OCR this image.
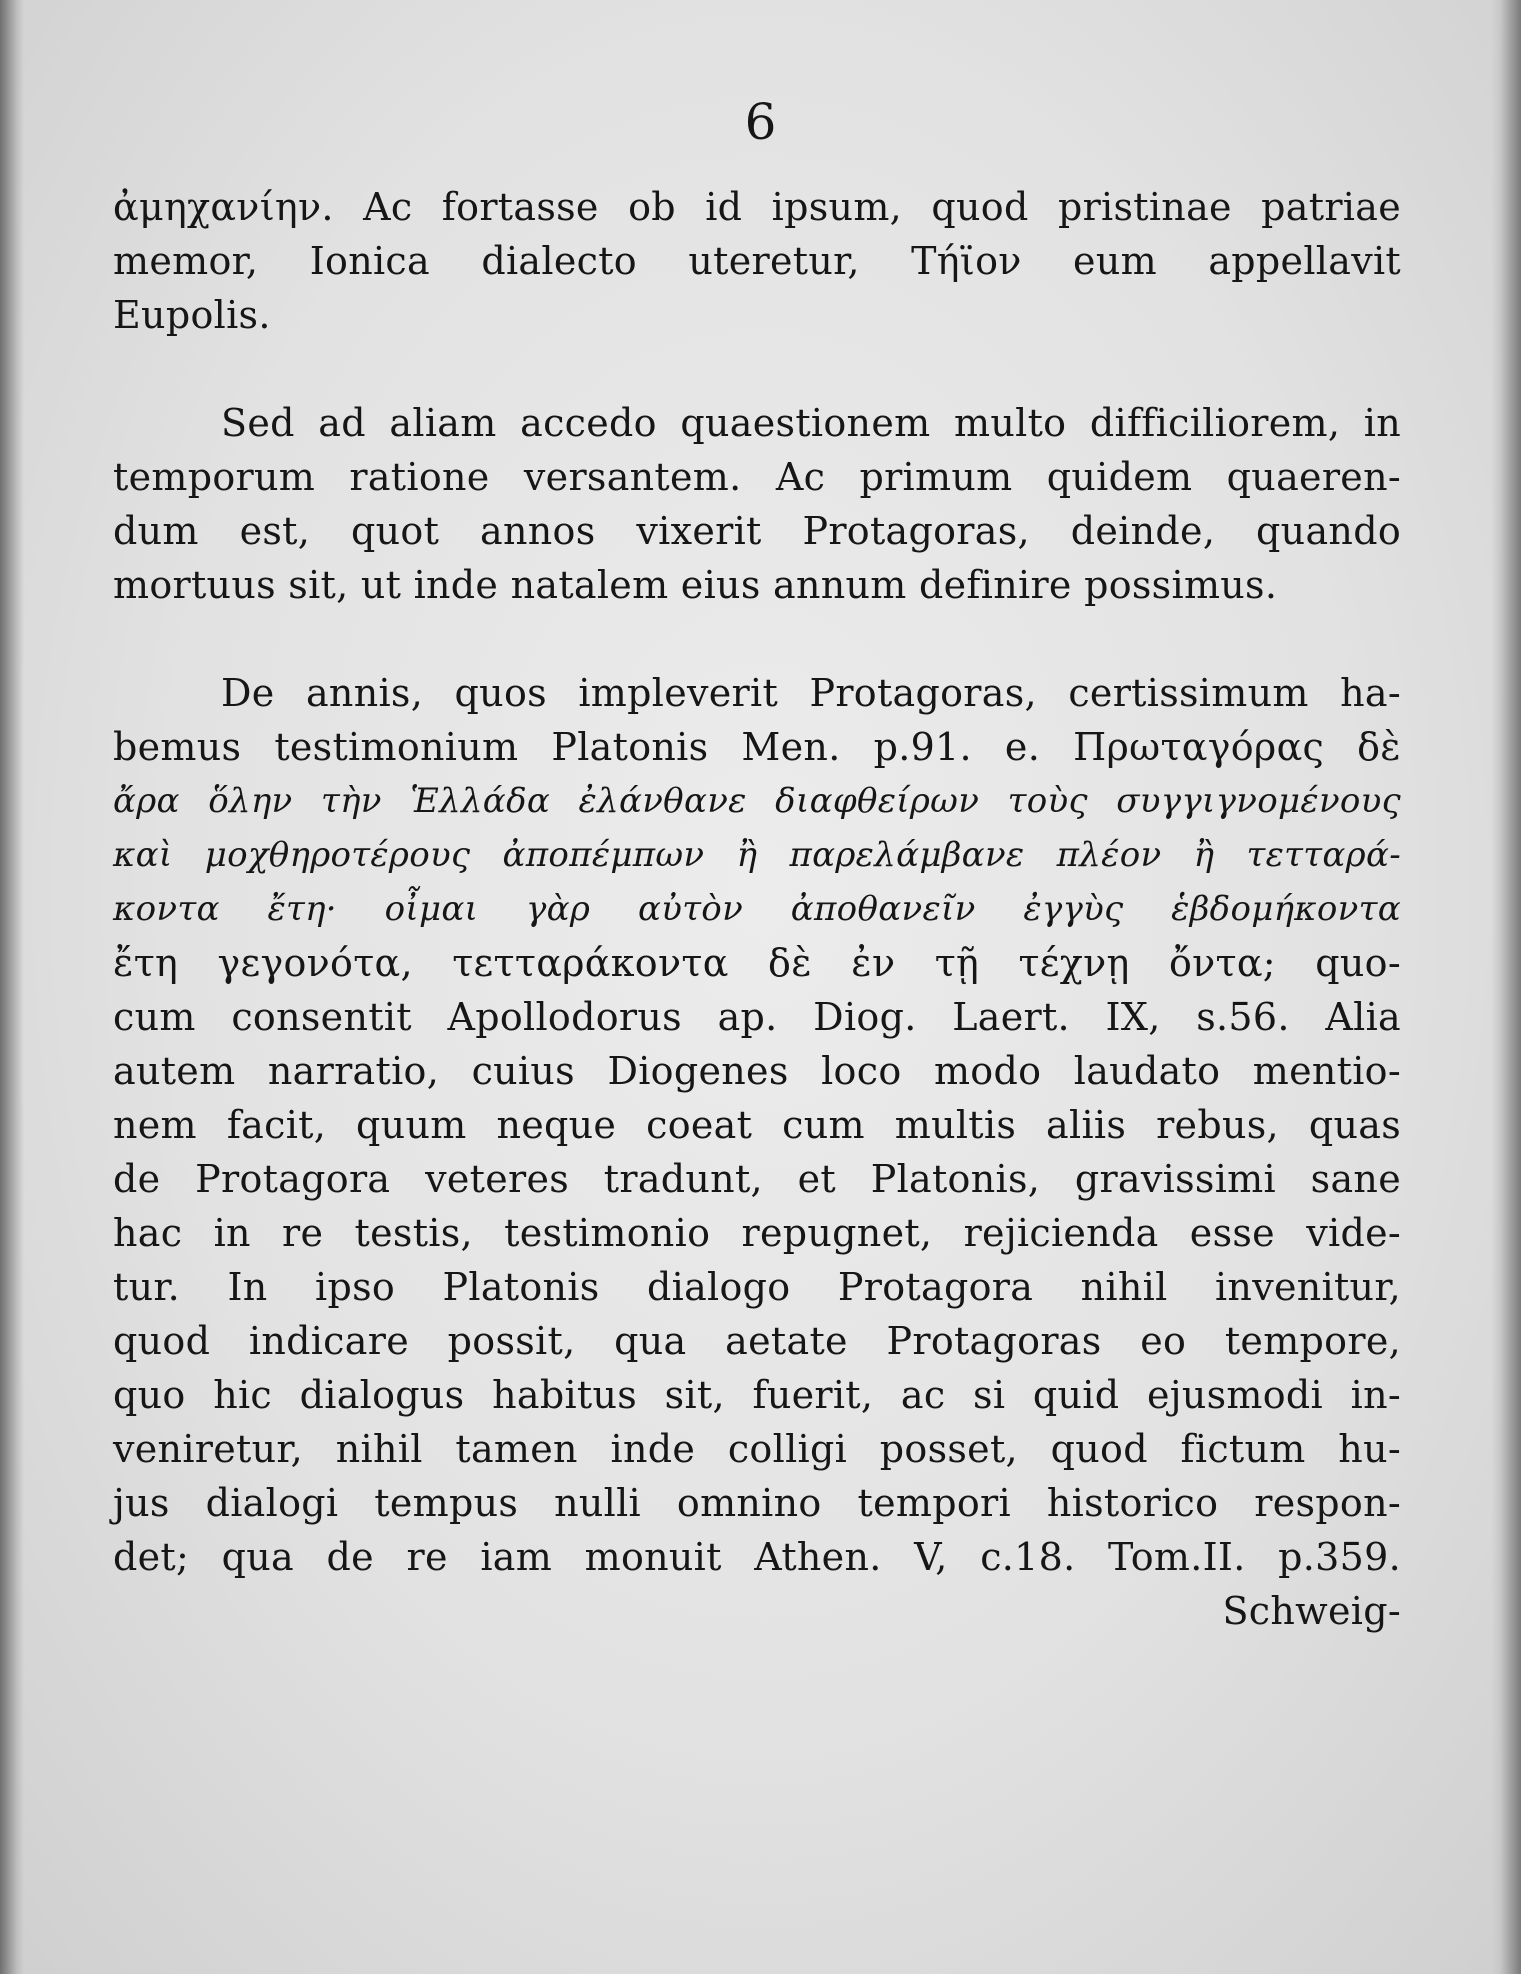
6
ἀμηχανίην. Ac fortasse ob id ipsum, quod pristinae patriae
memor, Ionica dialecto uteretur, Τήϊον eum appellavit
Eupolis.
Sed ad aliam accedo quaestionem multo difficiliorem, in
temporum ratione versantem. Ac primum quidem quaeren-
dum est, quot annos vixerit Protagoras, deinde, quando
mortuus sit, ut inde natalem eius annum definire possimus.
De annis, quos impleverit Protagoras, certissimum ha-
bemus testimonium Platonis Men. p.91. e. Πρωταγόρας δὲ
ἄρα ὅλην τὴν Ἑλλάδα ἐλάνθανε διαφθείρων τοὺς συγγιγνομένους
καὶ μοχθηροτέρους ἀποπέμπων ἢ παρελάμβανε πλέον ἢ τετταρά-
κοντα ἔτη· οἶμαι γὰρ αὐτὸν ἀποθανεῖν ἐγγὺς ἑβδομήκοντα
ἔτη γεγονότα, τετταράκοντα δὲ ἐν τῇ τέχνῃ ὄντα; quo-
cum consentit Apollodorus ap. Diog. Laert. IX, s.56. Alia
autem narratio, cuius Diogenes loco modo laudato mentio-
nem facit, quum neque coeat cum multis aliis rebus, quas
de Protagora veteres tradunt, et Platonis, gravissimi sane
hac in re testis, testimonio repugnet, rejicienda esse vide-
tur. In ipso Platonis dialogo Protagora nihil invenitur,
quod indicare possit, qua aetate Protagoras eo tempore,
quo hic dialogus habitus sit, fuerit, ac si quid ejusmodi in-
veniretur, nihil tamen inde colligi posset, quod fictum hu-
jus dialogi tempus nulli omnino tempori historico respon-
det; qua de re iam monuit Athen. V, c.18. Tom.II. p.359.
Schweig-
